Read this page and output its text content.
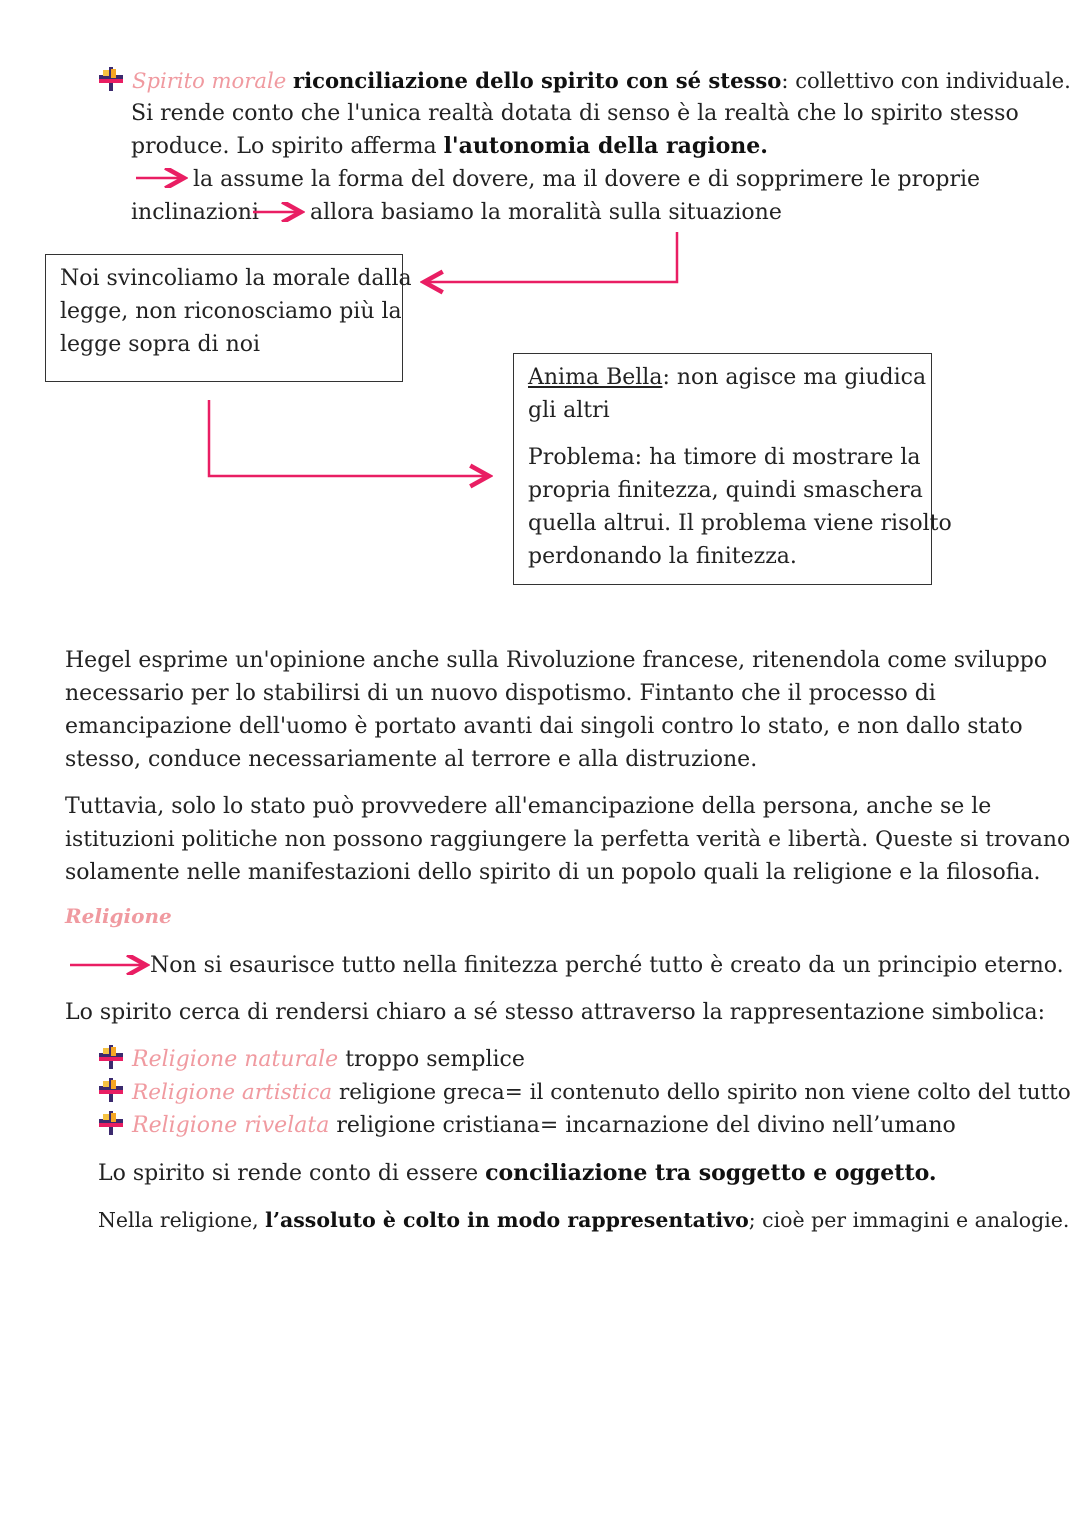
Spirito morale riconciliazione dello spirito con sé stesso: collettivo con individuale.
Si rende conto che l'unica realtà dotata di senso è la realtà che lo spirito stesso
produce. Lo spirito afferma l'autonomia della ragione.
la assume la forma del dovere, ma il dovere e di sopprimere le proprie
inclinazioni allora basiamo la moralità sulla situazione
Noi svincoliamo la morale dalla
legge, non riconosciamo più la
legge sopra di noi
Anima Bella: non agisce ma giudica
gli altri
Problema: ha timore di mostrare la
propria finitezza, quindi smaschera
quella altrui. Il problema viene risolto
perdonando la finitezza.
Hegel esprime un'opinione anche sulla Rivoluzione francese, ritenendola come sviluppo
necessario per lo stabilirsi di un nuovo dispotismo. Fintanto che il processo di
emancipazione dell'uomo è portato avanti dai singoli contro lo stato, e non dallo stato
stesso, conduce necessariamente al terrore e alla distruzione.
Tuttavia, solo lo stato può provvedere all'emancipazione della persona, anche se le
istituzioni politiche non possono raggiungere la perfetta verità e libertà. Queste si trovano
solamente nelle manifestazioni dello spirito di un popolo quali la religione e la filosofia.
Religione
Non si esaurisce tutto nella finitezza perché tutto è creato da un principio eterno.
Lo spirito cerca di rendersi chiaro a sé stesso attraverso la rappresentazione simbolica:
Religione naturale troppo semplice
Religione artistica religione greca= il contenuto dello spirito non viene colto del tutto
Religione rivelata religione cristiana= incarnazione del divino nell’umano
Lo spirito si rende conto di essere conciliazione tra soggetto e oggetto.
Nella religione, l’assoluto è colto in modo rappresentativo; cioè per immagini e analogie.
